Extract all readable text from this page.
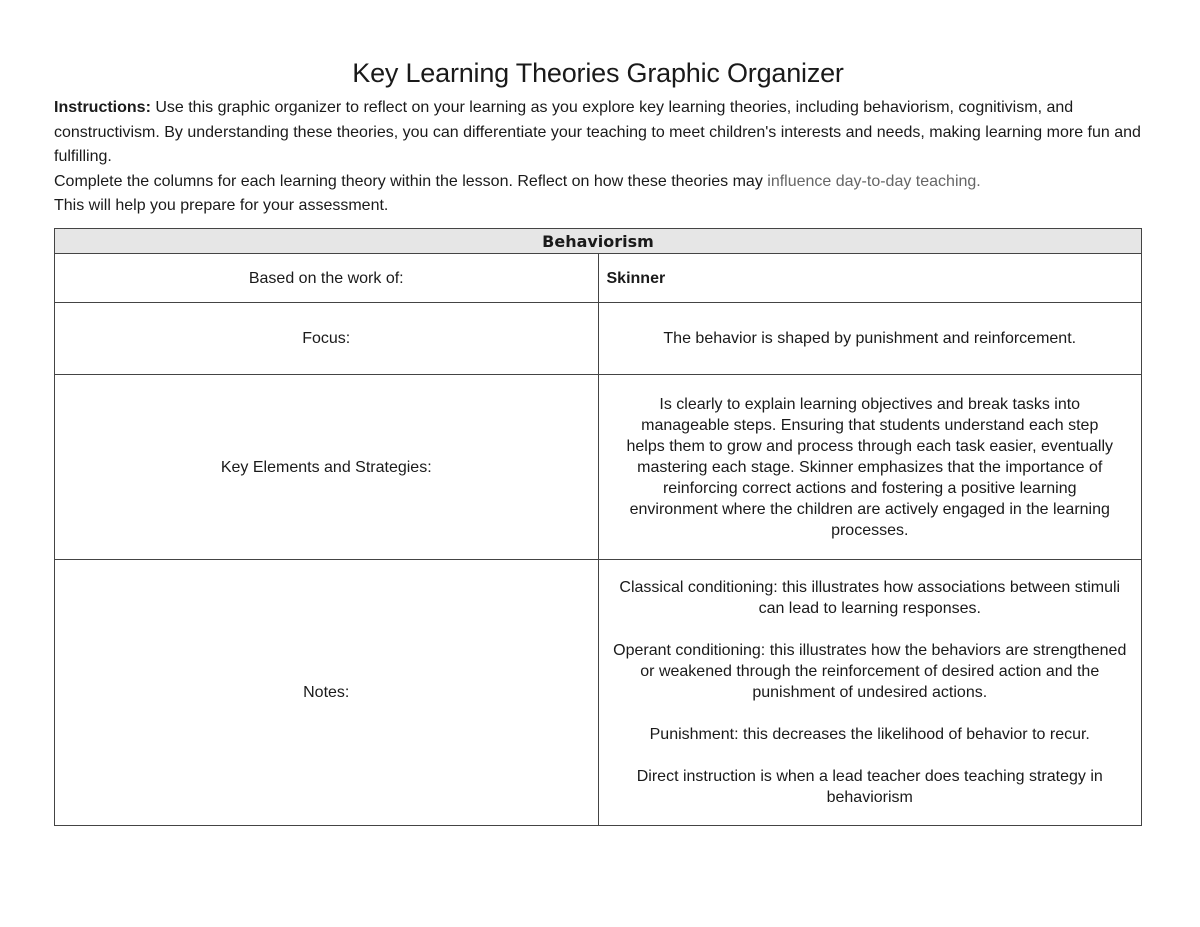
Key Learning Theories Graphic Organizer

Instructions: Use this graphic organizer to reflect on your learning as you explore key learning theories, including behaviorism, cognitivism, and constructivism. By understanding these theories, you can differentiate your teaching to meet children's interests and needs, making learning more fun and fulfilling.

Complete the columns for each learning theory within the lesson. Reflect on how these theories may influence day-to-day teaching.

This will help you prepare for your assessment.

Behaviorism	
Based on the work of:	Skinner
Focus:	The behavior is shaped by punishment and reinforcement.
Key Elements and Strategies:	Is clearly to explain learning objectives and break tasks into manageable steps. Ensuring that students understand each step helps them to grow and process through each task easier, eventually mastering each stage. Skinner emphasizes that the importance of reinforcing correct actions and fostering a positive learning environment where the children are actively engaged in the learning processes.
Notes:	Classical conditioning: this illustrates how associations between stimuli can lead to learning responses.

Operant conditioning: this illustrates how the behaviors are strengthened or weakened through the reinforcement of desired action and the punishment of undesired actions.

Punishment: this decreases the likelihood of behavior to recur.

Direct instruction is when a lead teacher does teaching strategy in behaviorism
